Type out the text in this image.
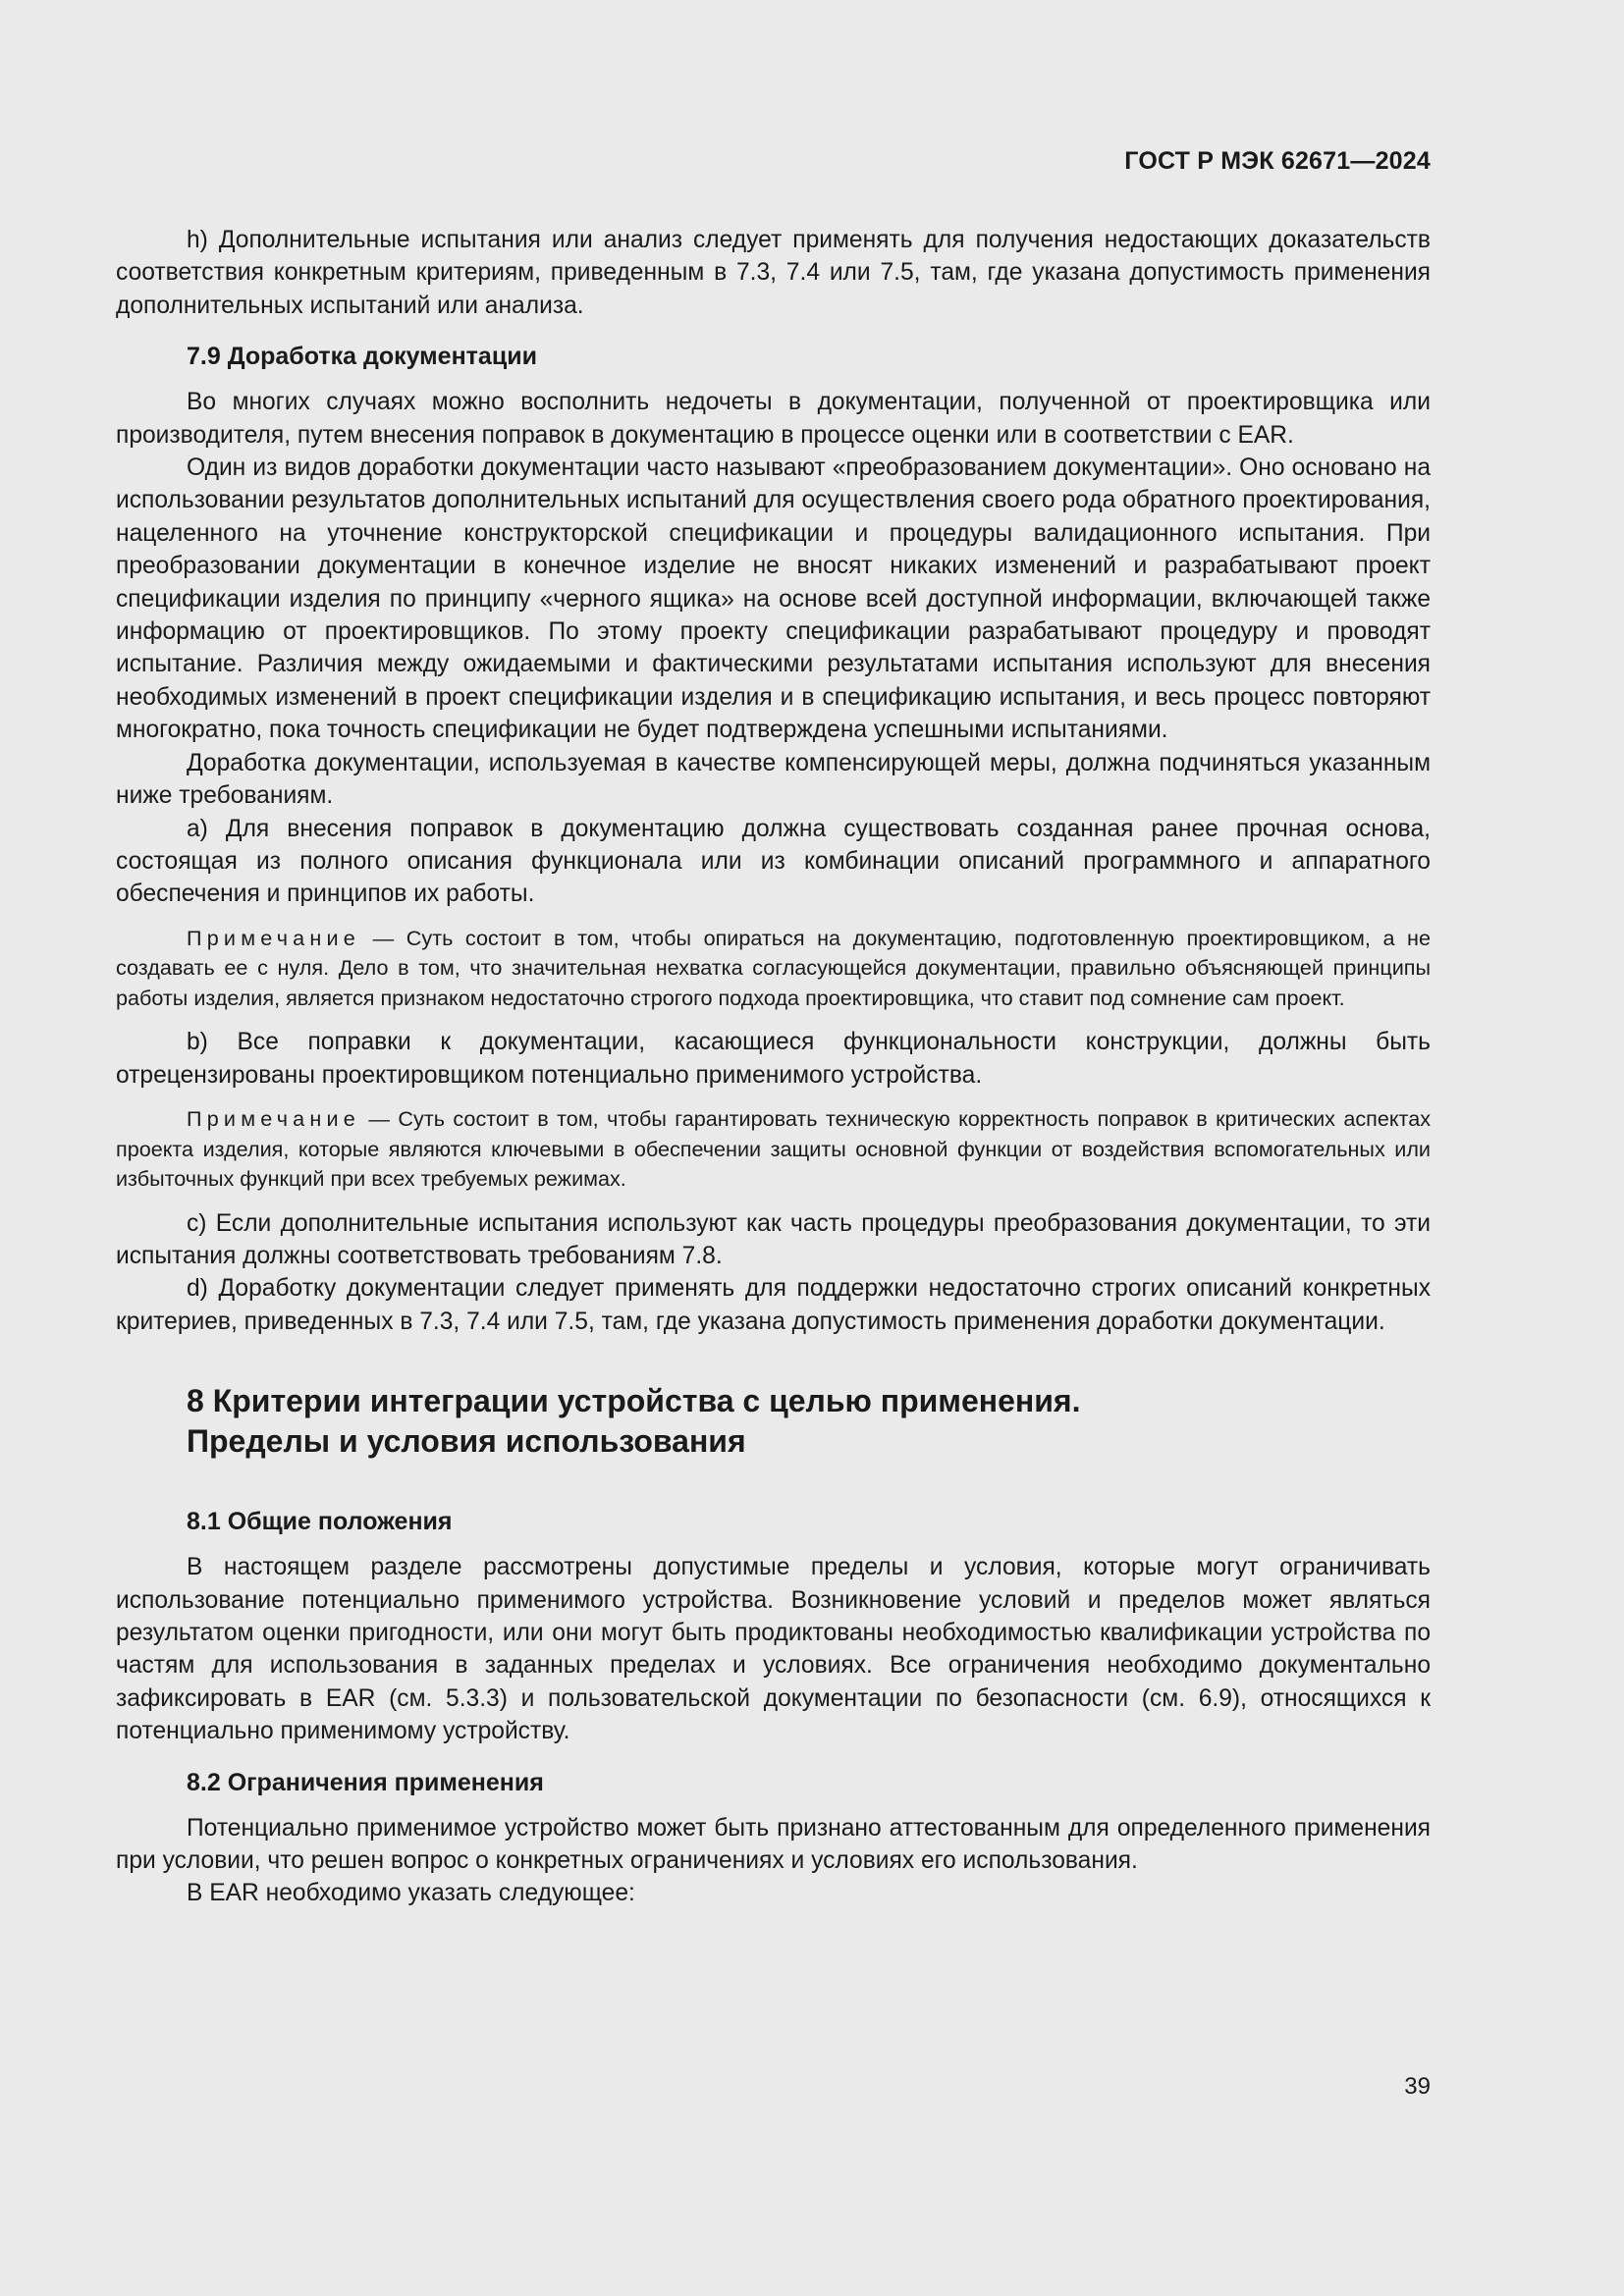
ГОСТ Р МЭК 62671—2024

h) Дополнительные испытания или анализ следует применять для получения недостающих доказательств соответствия конкретным критериям, приведенным в 7.3, 7.4 или 7.5, там, где указана допустимость применения дополнительных испытаний или анализа.

7.9 Доработка документации

Во многих случаях можно восполнить недочеты в документации, полученной от проектировщика или производителя, путем внесения поправок в документацию в процессе оценки или в соответствии с EAR.

Один из видов доработки документации часто называют «преобразованием документации». Оно основано на использовании результатов дополнительных испытаний для осуществления своего рода обратного проектирования, нацеленного на уточнение конструкторской спецификации и процедуры валидационного испытания. При преобразовании документации в конечное изделие не вносят никаких изменений и разрабатывают проект спецификации изделия по принципу «черного ящика» на основе всей доступной информации, включающей также информацию от проектировщиков. По этому проекту спецификации разрабатывают процедуру и проводят испытание. Различия между ожидаемыми и фактическими результатами испытания используют для внесения необходимых изменений в проект спецификации изделия и в спецификацию испытания, и весь процесс повторяют многократно, пока точность спецификации не будет подтверждена успешными испытаниями.

Доработка документации, используемая в качестве компенсирующей меры, должна подчиняться указанным ниже требованиям.

a) Для внесения поправок в документацию должна существовать созданная ранее прочная основа, состоящая из полного описания функционала или из комбинации описаний программного и аппаратного обеспечения и принципов их работы.

Примечание — Суть состоит в том, чтобы опираться на документацию, подготовленную проектировщиком, а не создавать ее с нуля. Дело в том, что значительная нехватка согласующейся документации, правильно объясняющей принципы работы изделия, является признаком недостаточно строгого подхода проектировщика, что ставит под сомнение сам проект.

b) Все поправки к документации, касающиеся функциональности конструкции, должны быть отрецензированы проектировщиком потенциально применимого устройства.

Примечание — Суть состоит в том, чтобы гарантировать техническую корректность поправок в критических аспектах проекта изделия, которые являются ключевыми в обеспечении защиты основной функции от воздействия вспомогательных или избыточных функций при всех требуемых режимах.

c) Если дополнительные испытания используют как часть процедуры преобразования документации, то эти испытания должны соответствовать требованиям 7.8.

d) Доработку документации следует применять для поддержки недостаточно строгих описаний конкретных критериев, приведенных в 7.3, 7.4 или 7.5, там, где указана допустимость применения доработки документации.

8 Критерии интеграции устройства с целью применения.
Пределы и условия использования
8.1 Общие положения

В настоящем разделе рассмотрены допустимые пределы и условия, которые могут ограничивать использование потенциально применимого устройства. Возникновение условий и пределов может являться результатом оценки пригодности, или они могут быть продиктованы необходимостью квалификации устройства по частям для использования в заданных пределах и условиях. Все ограничения необходимо документально зафиксировать в EAR (см. 5.3.3) и пользовательской документации по безопасности (см. 6.9), относящихся к потенциально применимому устройству.

8.2 Ограничения применения

Потенциально применимое устройство может быть признано аттестованным для определенного применения при условии, что решен вопрос о конкретных ограничениях и условиях его использования.

В EAR необходимо указать следующее:

39
